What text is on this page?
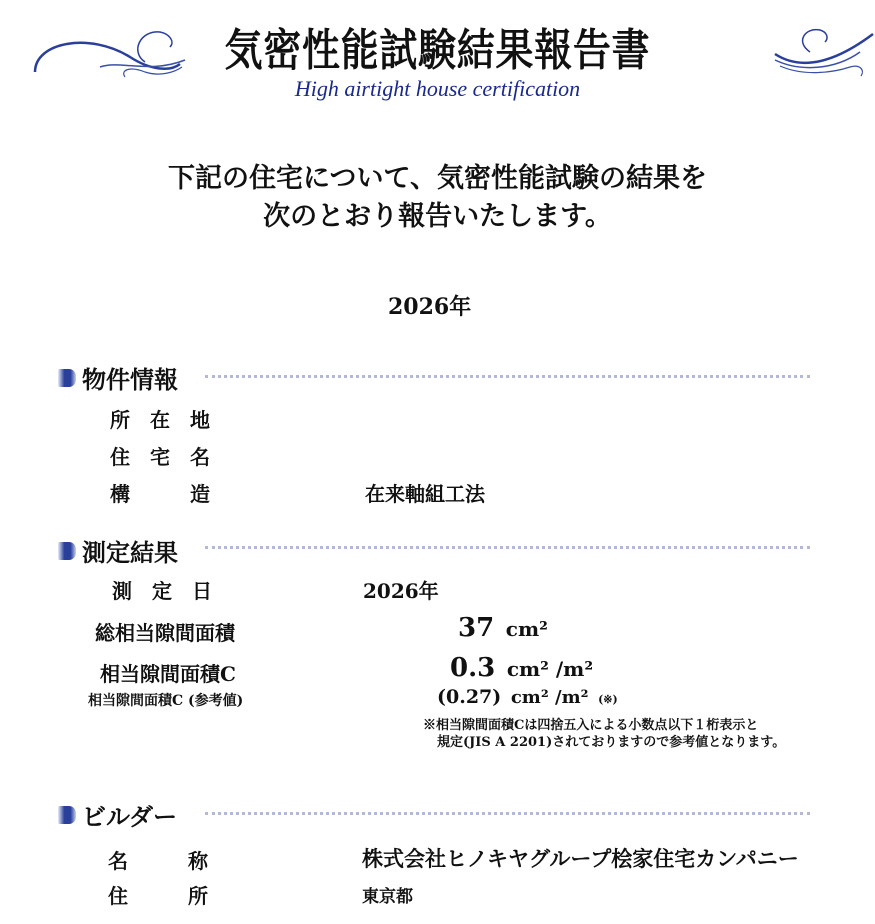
気密性能試験結果報告書
High airtight house certification
下記の住宅について、気密性能試験の結果を
次のとおり報告いたします。
2026年
物件情報
所　在　地
住　宅　名
構　　　造	在来軸組工法
測定結果
測　定　日	2026年
総相当隙間面積	37 cm²
相当隙間面積C	0.3 cm² /m²
相当隙間面積C (参考値)	(0.27) cm² /m² (※)
※相当隙間面積Cは四捨五入による小数点以下１桁表示と
規定(JIS A 2201)されておりますので参考値となります。
ビルダー
名　　　称	株式会社ヒノキヤグループ桧家住宅カンパニー
住　　　所	東京都
